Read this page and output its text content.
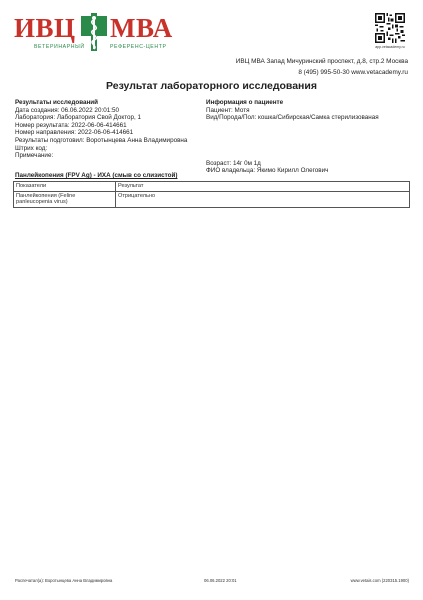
ИВЦ МВА
ВЕТЕРИНАРНЫЙ	РЕФЕРЕНС-ЦЕНТР	app.vetacademy.ru
ИВЦ МВА Запад Мичуринский проспект, д.8, стр.2 Москва
8 (495) 995-50-30 www.vetacademy.ru
Результат лабораторного исследования
Результаты исследований
Дата создания: 06.06.2022 20:01:50
Лаборатория: Лаборатория Свой Доктор, 1
Номер результата: 2022-06-06-414661
Номер направления: 2022-06-06-414661
Результаты подготовил: Воротынцева Анна Владимировна
Штрих код:
Примечание:
Информация о пациенте
Пациент: Мотя
Вид/Порода/Пол: кошка/Сибирская/Самка стерилизованая
Возраст: 14г 0м 1д
ФИО владельца: Якимо Кирилл Олегович
Панлейкопения (FPV Ag) - ИХА (смыв со слизистой)
Показатели	Результат
Панлейкопения (Feline panleucopenia virus)	Отрицательно
Распечатал(а): Воротынцева Анна Владимировна	06.06.2022 20:01	www.vetais.com (220315.1900)
